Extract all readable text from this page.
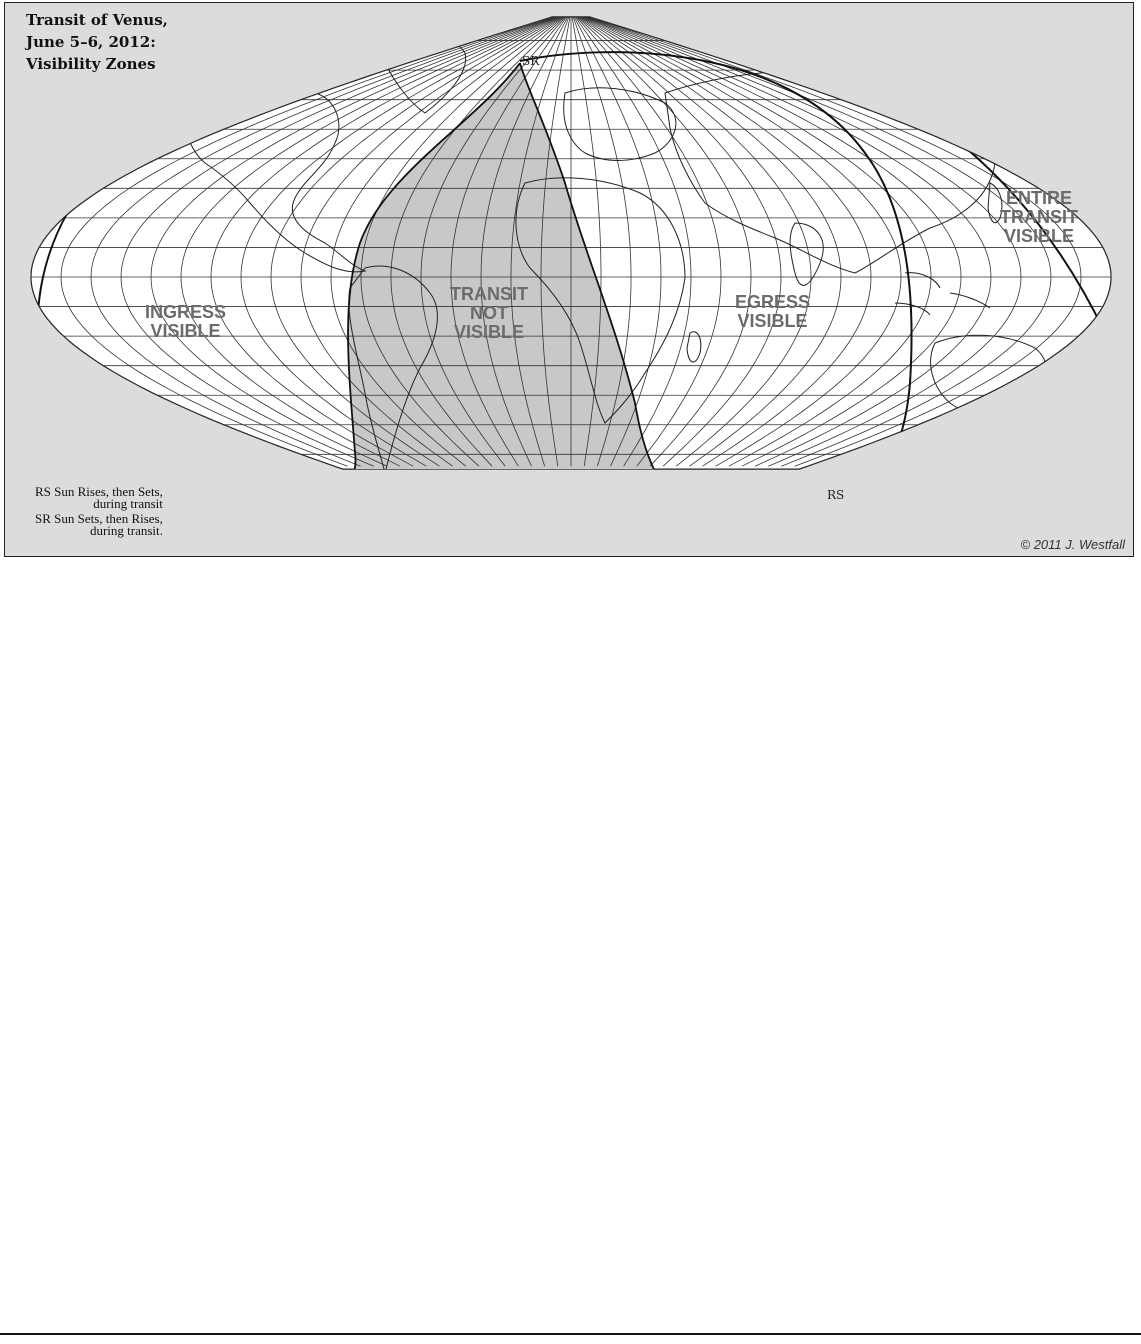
Transit of Venus,
June 5–6, 2012:
Visibility Zones
INGRESS
VISIBLE
TRANSIT
NOT
VISIBLE
EGRESS
VISIBLE
ENTIRE
TRANSIT
VISIBLE
SR
RS
RS Sun Rises, then Sets,
during transit
SR Sun Sets, then Rises,
during transit.
© 2011 J. Westfall
